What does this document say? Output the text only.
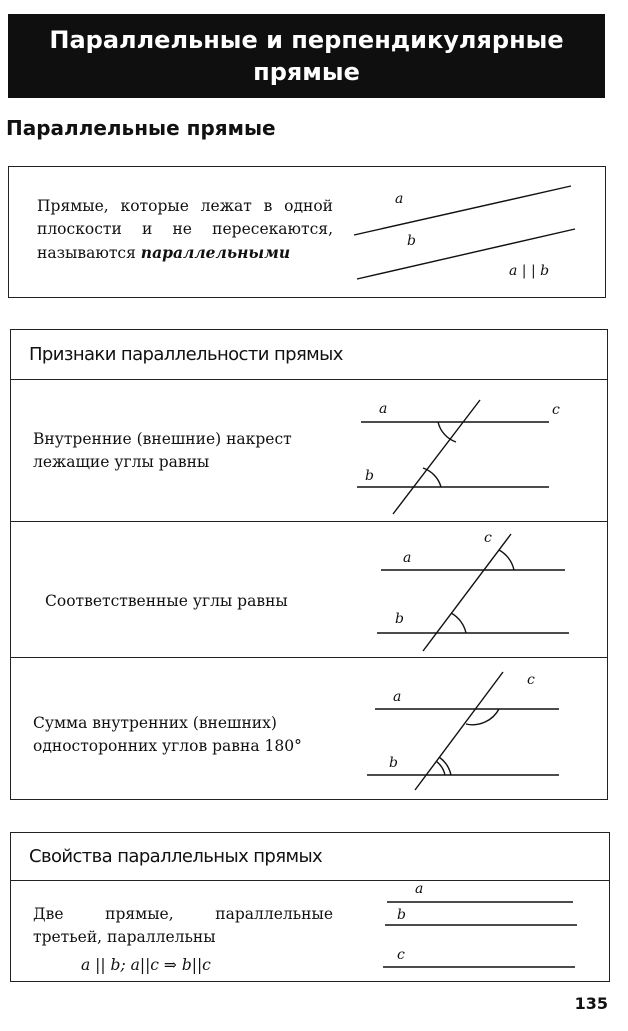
Параллельные и перпендикулярные
прямые
Параллельные прямые
Прямые, которые лежат в одной плоскости и не пересекаются, называются параллельными
a
b
a | | b
Признаки параллельности прямых
Внутренние (внешние) накрест лежащие углы равны
a
b
c
Соответственные углы равны
a
b
c
Сумма внутренних (внешних) односторонних углов равна 180°
a
b
c
Свойства параллельных прямых
Две прямые, параллельные третьей, параллельны
a || b; a||c ⇒ b||c
a
b
c
135
